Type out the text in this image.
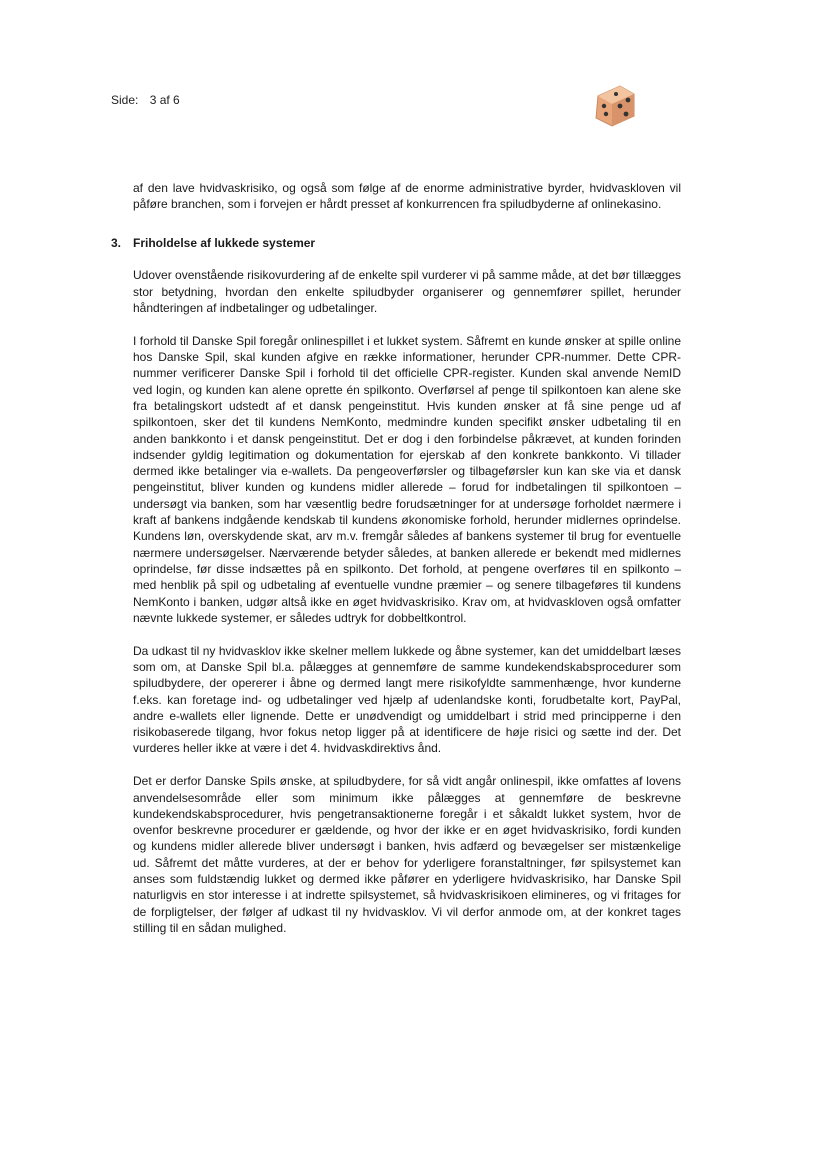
Side: 3 af 6

af den lave hvidvaskrisiko, og også som følge af de enorme administrative byrder, hvidvaskloven vil påføre branchen, som i forvejen er hårdt presset af konkurrencen fra spiludbyderne af onlinekasino.

3. Friholdelse af lukkede systemer

Udover ovenstående risikovurdering af de enkelte spil vurderer vi på samme måde, at det bør tillægges stor betydning, hvordan den enkelte spiludbyder organiserer og gennemfører spillet, herunder håndteringen af indbetalinger og udbetalinger.

I forhold til Danske Spil foregår onlinespillet i et lukket system. Såfremt en kunde ønsker at spille online hos Danske Spil, skal kunden afgive en række informationer, herunder CPR-nummer. Dette CPR-nummer verificerer Danske Spil i forhold til det officielle CPR-register. Kunden skal anvende NemID ved login, og kunden kan alene oprette én spilkonto. Overførsel af penge til spilkontoen kan alene ske fra betalingskort udstedt af et dansk pengeinstitut. Hvis kunden ønsker at få sine penge ud af spilkontoen, sker det til kundens NemKonto, medmindre kunden specifikt ønsker udbetaling til en anden bankkonto i et dansk pengeinstitut. Det er dog i den forbindelse påkrævet, at kunden forinden indsender gyldig legitimation og dokumentation for ejerskab af den konkrete bankkonto. Vi tillader dermed ikke betalinger via e-wallets. Da pengeoverførsler og tilbageførsler kun kan ske via et dansk pengeinstitut, bliver kunden og kundens midler allerede – forud for indbetalingen til spilkontoen – undersøgt via banken, som har væsentlig bedre forudsætninger for at undersøge forholdet nærmere i kraft af bankens indgående kendskab til kundens økonomiske forhold, herunder midlernes oprindelse. Kundens løn, overskydende skat, arv m.v. fremgår således af bankens systemer til brug for eventuelle nærmere undersøgelser. Nærværende betyder således, at banken allerede er bekendt med midlernes oprindelse, før disse indsættes på en spilkonto. Det forhold, at pengene overføres til en spilkonto – med henblik på spil og udbetaling af eventuelle vundne præmier – og senere tilbageføres til kundens NemKonto i banken, udgør altså ikke en øget hvidvaskrisiko. Krav om, at hvidvaskloven også omfatter nævnte lukkede systemer, er således udtryk for dobbeltkontrol.

Da udkast til ny hvidvasklov ikke skelner mellem lukkede og åbne systemer, kan det umiddelbart læses som om, at Danske Spil bl.a. pålægges at gennemføre de samme kundekendskabsprocedurer som spiludbydere, der opererer i åbne og dermed langt mere risikofyldte sammenhænge, hvor kunderne f.eks. kan foretage ind- og udbetalinger ved hjælp af udenlandske konti, forudbetalte kort, PayPal, andre e-wallets eller lignende. Dette er unødvendigt og umiddelbart i strid med principperne i den risikobaserede tilgang, hvor fokus netop ligger på at identificere de høje risici og sætte ind der. Det vurderes heller ikke at være i det 4. hvidvaskdirektivs ånd.

Det er derfor Danske Spils ønske, at spiludbydere, for så vidt angår onlinespil, ikke omfattes af lovens anvendelsesområde eller som minimum ikke pålægges at gennemføre de beskrevne kundekendskabsprocedurer, hvis pengetransaktionerne foregår i et såkaldt lukket system, hvor de ovenfor beskrevne procedurer er gældende, og hvor der ikke er en øget hvidvaskrisiko, fordi kunden og kundens midler allerede bliver undersøgt i banken, hvis adfærd og bevægelser ser mistænkelige ud. Såfremt det måtte vurderes, at der er behov for yderligere foranstaltninger, før spilsystemet kan anses som fuldstændig lukket og dermed ikke påfører en yderligere hvidvaskrisiko, har Danske Spil naturligvis en stor interesse i at indrette spilsystemet, så hvidvaskrisikoen elimineres, og vi fritages for de forpligtelser, der følger af udkast til ny hvidvasklov. Vi vil derfor anmode om, at der konkret tages stilling til en sådan mulighed.
